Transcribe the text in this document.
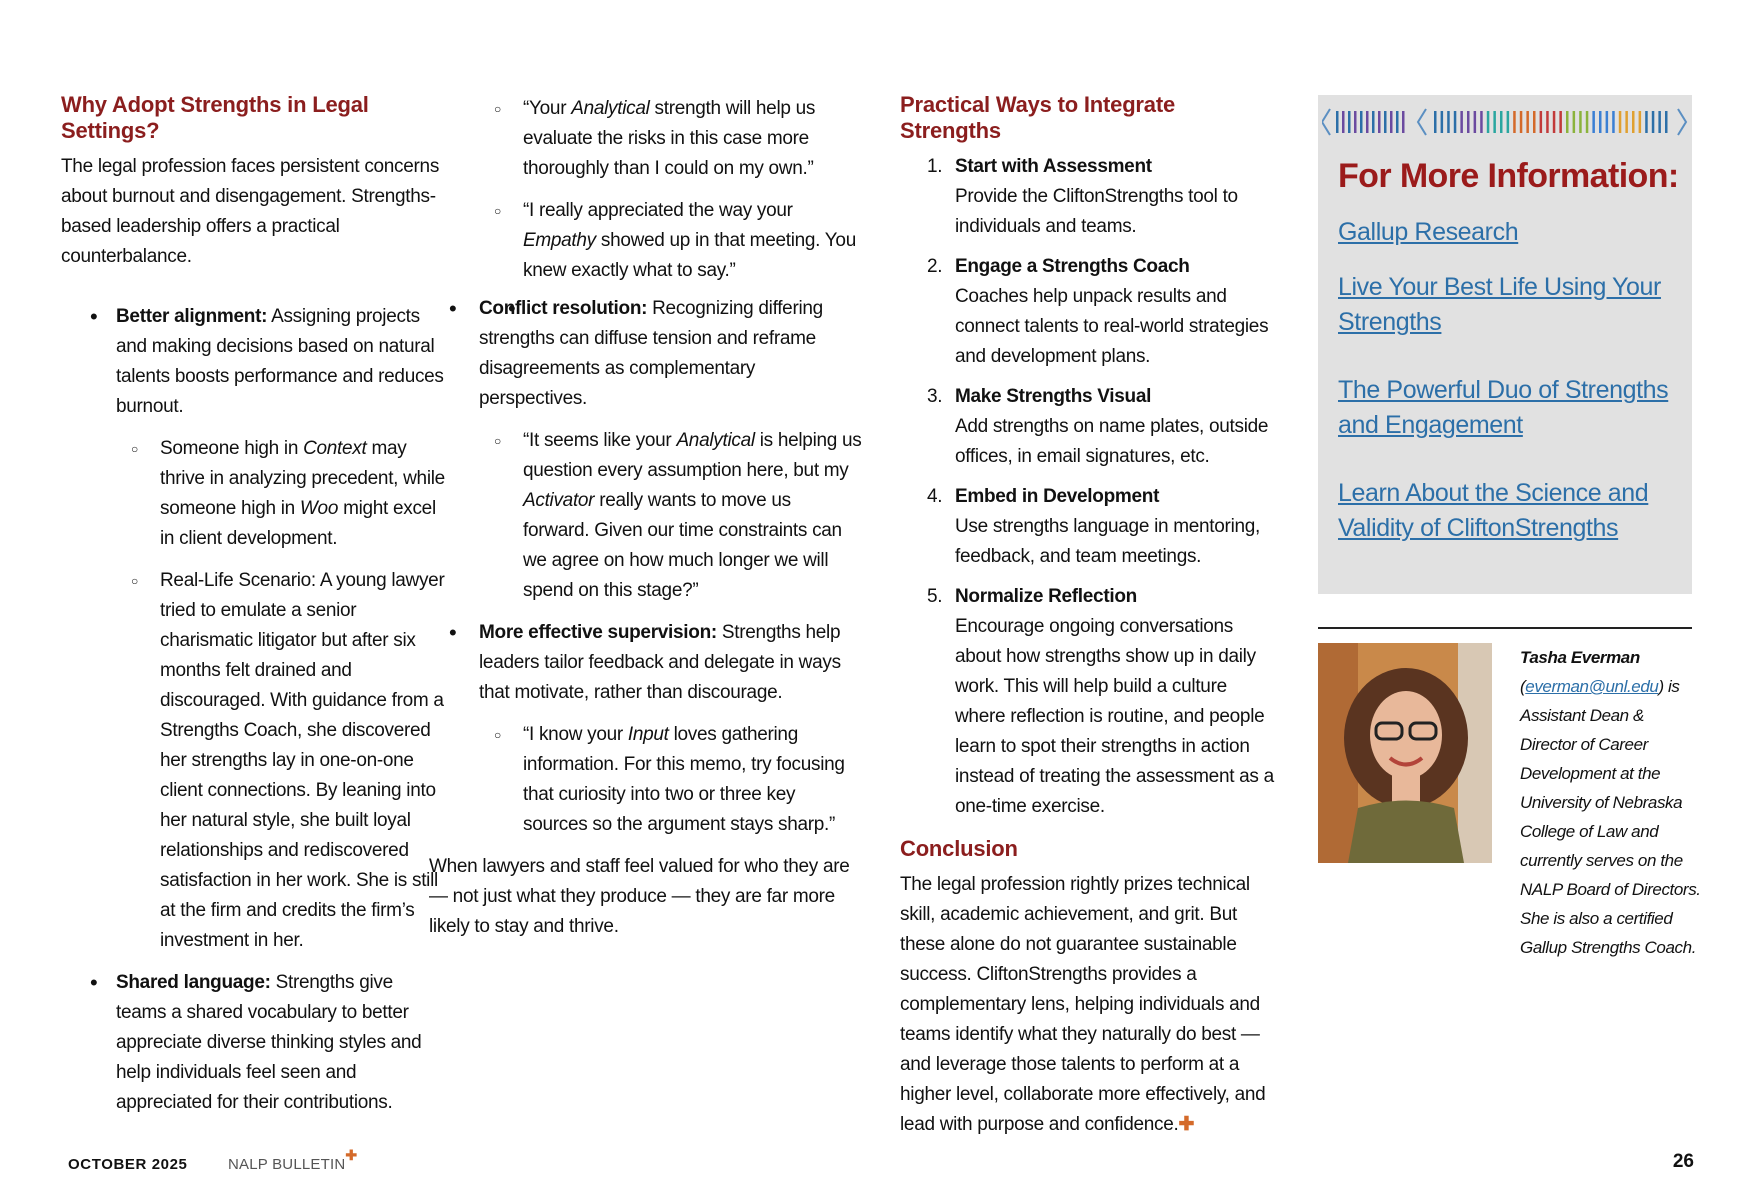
Why Adopt Strengths in Legal Settings?

The legal profession faces persistent concerns about burnout and disengagement. Strengths-based leadership offers a practical counterbalance.

• Better alignment: Assigning projects and making decisions based on natural talents boosts performance and reduces burnout.
○ Someone high in Context may thrive in analyzing precedent, while someone high in Woo might excel in client development.
○ Real-Life Scenario: A young lawyer tried to emulate a senior charismatic litigator but after six months felt drained and discouraged. With guidance from a Strengths Coach, she discovered her strengths lay in one-on-one client connections. By leaning into her natural style, she built loyal relationships and rediscovered satisfaction in her work. She is still at the firm and credits the firm’s investment in her.
• Shared language: Strengths give teams a shared vocabulary to better appreciate diverse thinking styles and help individuals feel seen and appreciated for their contributions.
○ “Your Analytical strength will help us evaluate the risks in this case more thoroughly than I could on my own.”
○ “I really appreciated the way your Empathy showed up in that meeting. You knew exactly what to say.”
• • Conflict resolution: Recognizing differing strengths can diffuse tension and reframe disagreements as complementary perspectives.
○ “It seems like your Analytical is helping us question every assumption here, but my Activator really wants to move us forward. Given our time constraints can we agree on how much longer we will spend on this stage?”
• More effective supervision: Strengths help leaders tailor feedback and delegate in ways that motivate, rather than discourage.
○ “I know your Input loves gathering information. For this memo, try focusing that curiosity into two or three key sources so the argument stays sharp.”

When lawyers and staff feel valued for who they are — not just what they produce — they are far more likely to stay and thrive.

Practical Ways to Integrate Strengths
1. Start with Assessment
Provide the CliftonStrengths tool to individuals and teams.
2. Engage a Strengths Coach
Coaches help unpack results and connect talents to real-world strategies and development plans.
3. Make Strengths Visual
Add strengths on name plates, outside offices, in email signatures, etc.
4. Embed in Development
Use strengths language in mentoring, feedback, and team meetings.
5. Normalize Reflection
Encourage ongoing conversations about how strengths show up in daily work. This will help build a culture where reflection is routine, and people learn to spot their strengths in action instead of treating the assessment as a one-time exercise.
Conclusion

The legal profession rightly prizes technical skill, academic achievement, and grit. But these alone do not guarantee sustainable success. CliftonStrengths provides a complementary lens, helping individuals and teams identify what they naturally do best — and leverage those talents to perform at a higher level, collaborate more effectively, and lead with purpose and confidence.✚

For More Information:
Gallup Research
Live Your Best Life Using Your Strengths
The Powerful Duo of Strengths and Engagement
Learn About the Science and Validity of CliftonStrengths
Tasha Everman
(everman@unl.edu) is Assistant Dean & Director of Career Development at the University of Nebraska College of Law and currently serves on the NALP Board of Directors. She is also a certified Gallup Strengths Coach.
OCTOBER 2025	NALP BULLETIN✚	26
